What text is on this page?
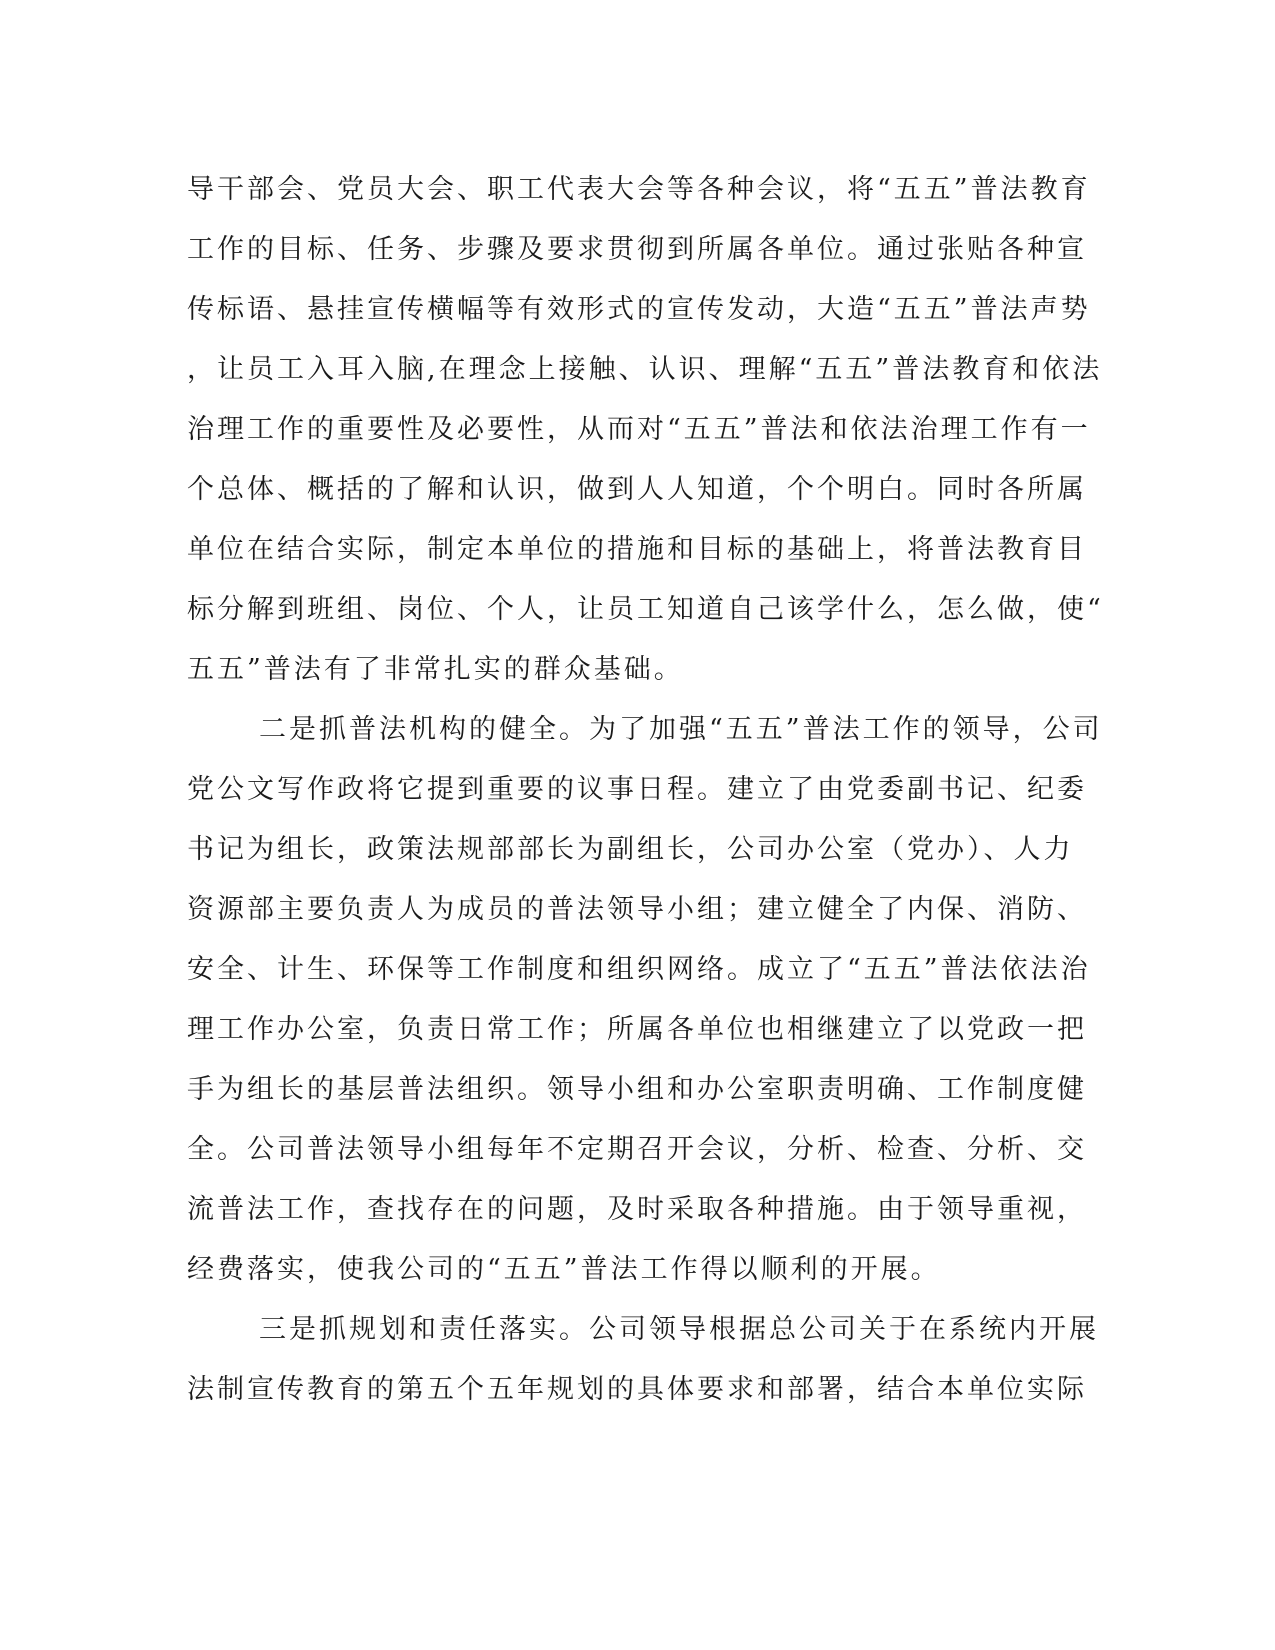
导干部会、党员大会、职工代表大会等各种会议，将“五五”普法教育
工作的目标、任务、步骤及要求贯彻到所属各单位。通过张贴各种宣
传标语、悬挂宣传横幅等有效形式的宣传发动，大造“五五”普法声势
，让员工入耳入脑,在理念上接触、认识、理解“五五”普法教育和依法
治理工作的重要性及必要性，从而对“五五”普法和依法治理工作有一
个总体、概括的了解和认识，做到人人知道，个个明白。同时各所属
单位在结合实际，制定本单位的措施和目标的基础上，将普法教育目
标分解到班组、岗位、个人，让员工知道自己该学什么，怎么做，使“
五五”普法有了非常扎实的群众基础。
二是抓普法机构的健全。为了加强“五五”普法工作的领导，公司
党公文写作政将它提到重要的议事日程。建立了由党委副书记、纪委
书记为组长，政策法规部部长为副组长，公司办公室（党办）、人力
资源部主要负责人为成员的普法领导小组；建立健全了内保、消防、
安全、计生、环保等工作制度和组织网络。成立了“五五”普法依法治
理工作办公室，负责日常工作；所属各单位也相继建立了以党政一把
手为组长的基层普法组织。领导小组和办公室职责明确、工作制度健
全。公司普法领导小组每年不定期召开会议，分析、检查、分析、交
流普法工作，查找存在的问题，及时采取各种措施。由于领导重视，
经费落实，使我公司的“五五”普法工作得以顺利的开展。
三是抓规划和责任落实。公司领导根据总公司关于在系统内开展
法制宣传教育的第五个五年规划的具体要求和部署，结合本单位实际
